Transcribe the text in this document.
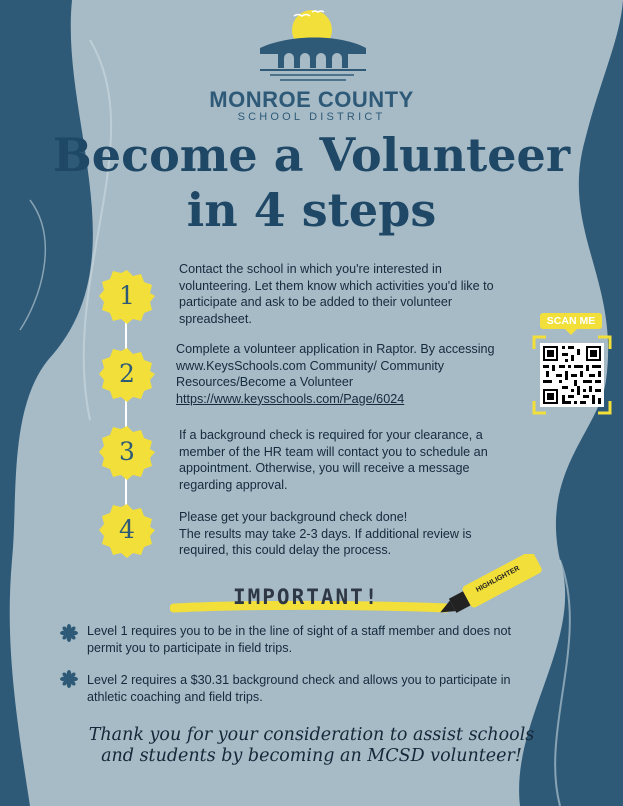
MONROE COUNTY
SCHOOL DISTRICT
Become a Volunteer
in 4 steps
1
2
3
4

Contact the school in which you're interested in

volunteering. Let them know which activities you'd like to

participate and ask to be added to their volunteer

spreadsheet.

Complete a volunteer application in Raptor. By accessing

www.KeysSchools.com Community/ Community

Resources/Become a Volunteer

https://www.keysschools.com/Page/6024

If a background check is required for your clearance, a

member of the HR team will contact you to schedule an

appointment. Otherwise, you will receive a message

regarding approval.

Please get your background check done!

The results may take 2-3 days. If additional review is

required, this could delay the process.

SCAN ME
IMPORTANT!
HIGHLIGHTER

Level 1 requires you to be in the line of sight of a staff member and does not

permit you to participate in field trips.

Level 2 requires a $30.31 background check and allows you to participate in

athletic coaching and field trips.

Thank you for your consideration to assist schools
and students by becoming an MCSD volunteer!
